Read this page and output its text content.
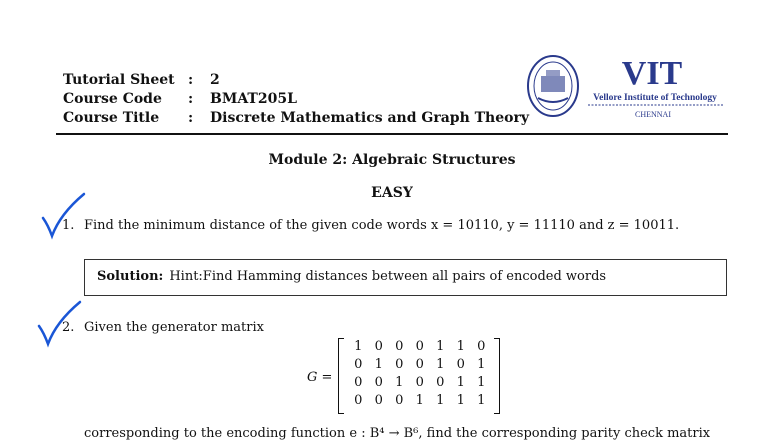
Tutorial Sheet :	2
Course Code	:	BMAT205L
Course Title	:	Discrete Mathematics and Graph Theory
VIT
Vellore Institute of Technology
CHENNAI
Module 2: Algebraic Structures
EASY
1. Find the minimum distance of the given code words x = 10110, y = 11110 and z = 10011.
Solution: Hint:Find Hamming distances between all pairs of encoded words
2. Given the generator matrix
G =
1 0 0 0 1 1 0
0 1 0 0 1 0 1
0 0 1 0 0 1 1
0 0 0 1 1 1 1
corresponding to the encoding function e : B⁴ → B⁶, find the corresponding parity check matrix
